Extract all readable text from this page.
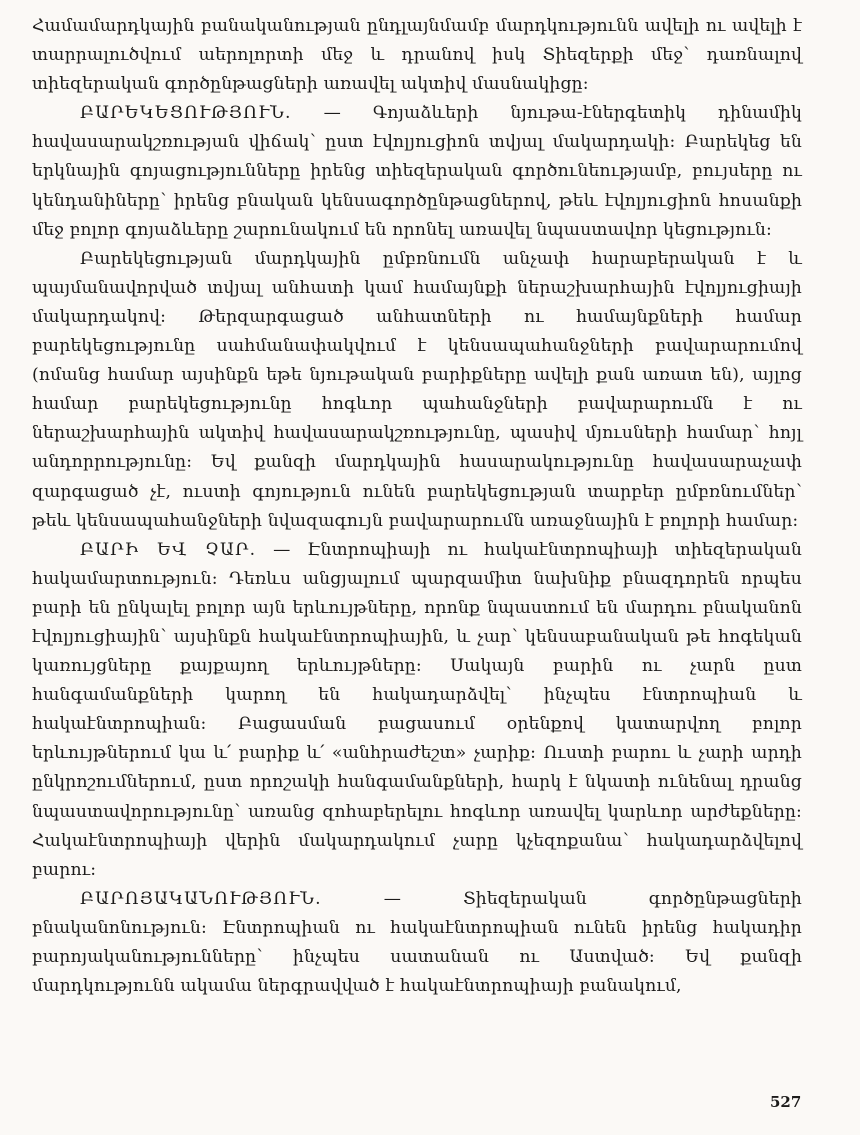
Համամարդկային բանականության ընդլայնմամբ մարդկությունն ավելի ու ավելի է տարրալուծվում աերոլորտի մեջ և դրանով իսկ Տիեզերքի մեջ՝ դառնալով տիեզերական գործընթացների առավել ակտիվ մասնակիցը:

ԲԱՐԵԿԵՑՈՒԹՅՈՒՆ. — Գոյաձևերի նյութա-էներգետիկ դինամիկ հավասարակշռության վիճակ՝ ըստ էվոլյուցիոն տվյալ մակարդակի: Բարեկեց են երկնային գոյացությունները իրենց տիեզերական գործունեությամբ, բույսերը ու կենդանիները՝ իրենց բնական կենսագործընթացներով, թեև էվոլյուցիոն հոսանքի մեջ բոլոր գոյաձևերը շարունակում են որոնել առավել նպաստավոր կեցություն:

Բարեկեցության մարդկային ըմբռնումն անչափ հարաբերական է և պայմանավորված տվյալ անհատի կամ համայնքի ներաշխարհային էվոլյուցիայի մակարդակով: Թերզարգացած անհատների ու համայնքների համար բարեկեցությունը սահմանափակվում է կենսապահանջների բավարարումով (ոմանց համար այսինքն եթե նյութական բարիքները ավելի քան առատ են), այլոց համար բարեկեցությունը հոգևոր պահանջների բավարարումն է ու ներաշխարհային ակտիվ հավասարակշռությունը, պասիվ մյուսների համար՝ հոյլ անդորրությունը: Եվ քանզի մարդկային հասարակությունը հավասարաչափ զարգացած չէ, ուստի գոյություն ունեն բարեկեցության տարբեր ըմբռնումներ՝ թեև կենսապահանջների նվազագույն բավարարումն առաջնային է բոլորի համար:

ԲԱՐԻ ԵՎ ՉԱՐ. — Էնտրոպիայի ու հակաէնտրոպիայի տիեզերական հակամարտություն: Դեռևս անցյալում պարզամիտ նախնիք բնազդորեն որպես բարի են ընկալել բոլոր այն երևույթները, որոնք նպաստում են մարդու բնականոն էվոլյուցիային՝ այսինքն հակաէնտրոպիային, և չար՝ կենսաբանական թե հոգեկան կառույցները քայքայող երևույթները: Սակայն բարին ու չարն ըստ հանգամանքների կարող են հակադարձվել՝ ինչպես էնտրոպիան և հակաէնտրոպիան: Բացասման բացասում օրենքով կատարվող բոլոր երևույթներում կա և՛ բարիք և՛ «անհրաժեշտ» չարիք: Ուստի բարու և չարի արդի ընկրոշումներում, ըստ որոշակի հանգամանքների, հարկ է նկատի ունենալ դրանց նպաստավորությունը՝ առանց զոհաբերելու հոգևոր առավել կարևոր արժեքները: Հակաէնտրոպիայի վերին մակարդակում չարը կչեզոքանա՝ հակադարձվելով բարու:

ԲԱՐՈՅԱԿԱՆՈՒԹՅՈՒՆ.	— Տիեզերական գործընթացների բնականոնություն: Էնտրոպիան ու հակաէնտրոպիան ունեն իրենց հակադիր բարոյականությունները՝ ինչպես սատանան ու Աստված: Եվ քանզի մարդկությունն ակամա ներգրավված է հակաէնտրոպիայի բանակում,

527
